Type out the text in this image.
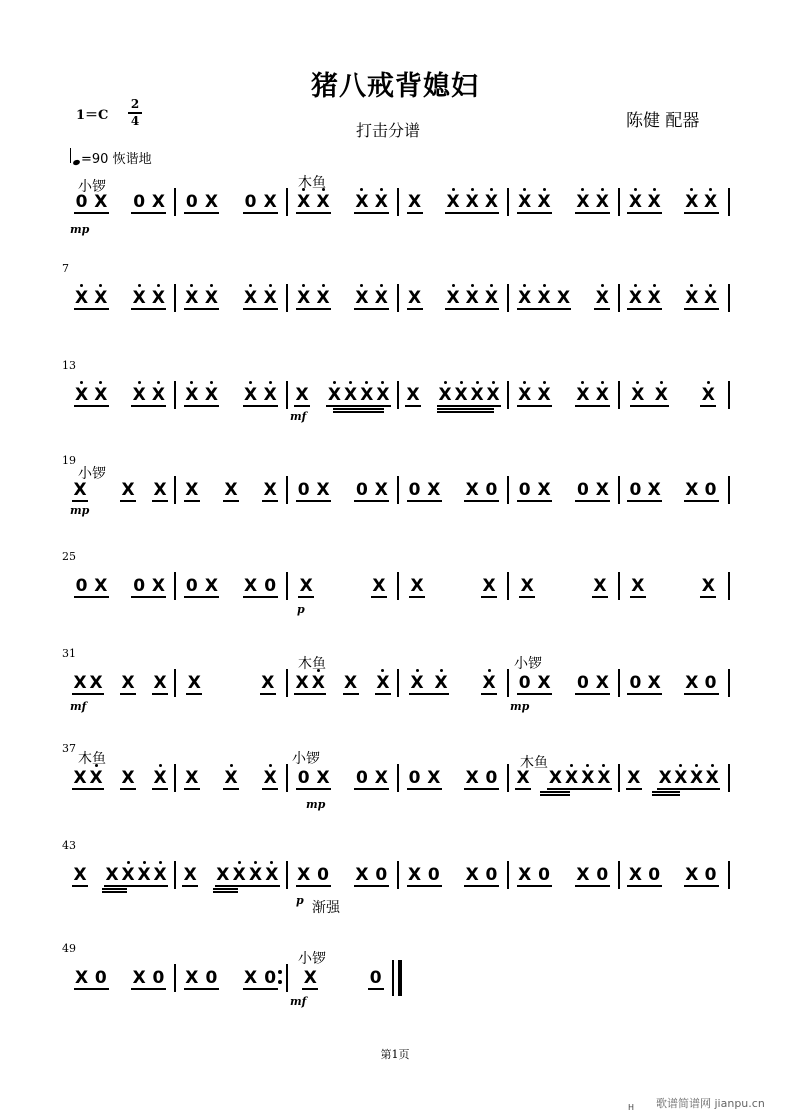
猪八戒背媳妇
打击分谱	陈健 配器
1＝C
2
4
=90 恢谐地
0 X 0 X 0 X 0 X X X X X X X X X X X X X X X X X
X X X X X X X X X X X X X X X X X X X X X X X X
7
X X X X X X X X X X X X X X X X X X X X X X X X X
13
X X X X X X 0 X 0 X 0 X X 0 0 X 0 X 0 X X 0
19
0 X 0 X 0 X X 0 X	X X	X X	X X	X
25
X X X X X	X X X X X X X X 0 X 0 X 0 X X 0
31
X X X X X X X 0 X 0 X 0 X X 0 X X X X X X X X X X
37
X X X X X X X X X X X 0 X 0 X 0 X 0 X 0 X 0 X 0 X 0
43
X 0 X 0 X 0 X 0 X	0
49
小锣	木鱼
小锣
木鱼	小锣
木鱼	小锣	木鱼
小锣
mp
mf
mp
p
mf	mp
mp
p
mf
渐强
第1页
歌谱简谱网 jianpu.cn
H
